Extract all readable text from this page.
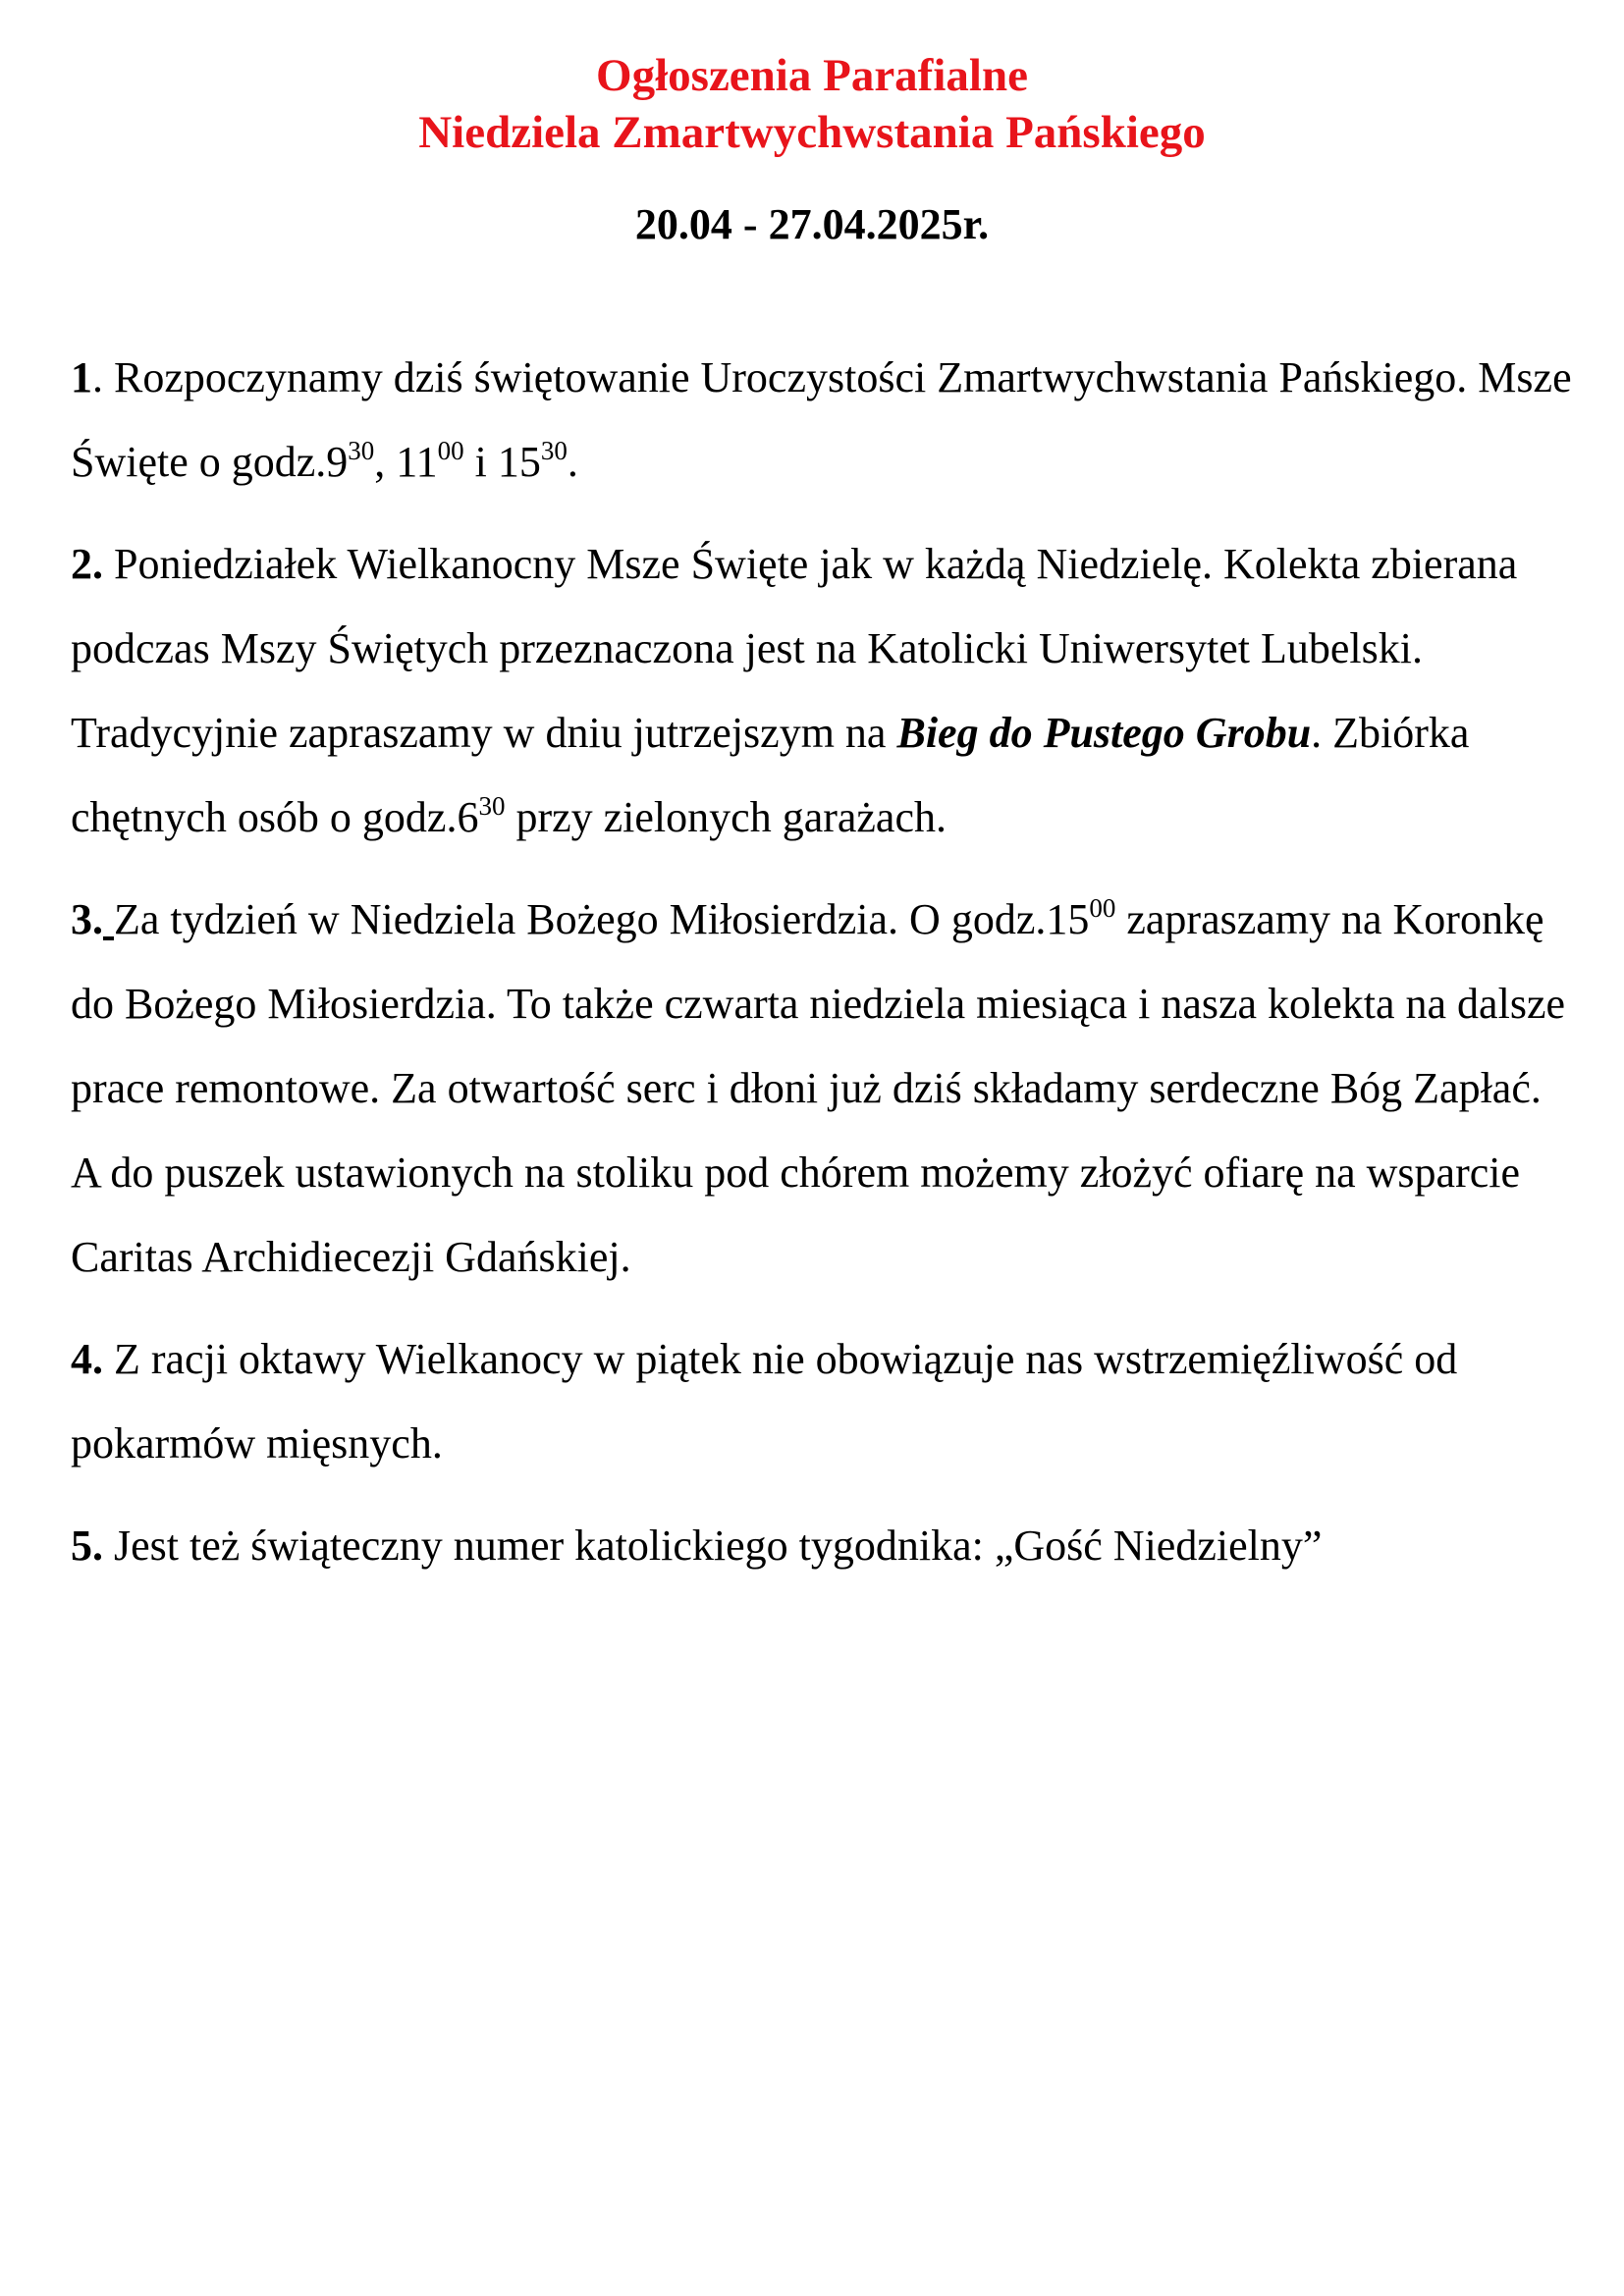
Ogłoszenia Parafialne
Niedziela Zmartwychwstania Pańskiego
20.04 - 27.04.2025r.

1. Rozpoczynamy dziś świętowanie Uroczystości Zmartwychwstania Pańskiego. Msze Święte o $godz.9^{30}$, $11^{00}$ i $15^{30}$.

2. Poniedziałek Wielkanocny Msze Święte jak w każdą Niedzielę. Kolekta zbierana podczas Mszy Świętych przeznaczona jest na Katolicki Uniwersytet Lubelski. Tradycyjnie zapraszamy w dniu jutrzejszym na Bieg do Pustego Grobu. Zbiórka chętnych osób o $godz.6^{30}$ przy zielonych garażach.

3. Za tydzień w Niedziela Bożego Miłosierdzia. O $godz.15^{00}$ zapraszamy na Koronkę do Bożego Miłosierdzia. To także czwarta niedziela miesiąca i nasza kolekta na dalsze prace remontowe. Za otwartość serc i dłoni już dziś składamy serdeczne Bóg Zapłać. A do puszek ustawionych na stoliku pod chórem możemy złożyć ofiarę na wsparcie Caritas Archidiecezji Gdańskiej.

4. Z racji oktawy Wielkanocy w piątek nie obowiązuje nas wstrzemięźliwość od pokarmów mięsnych.

5. Jest też świąteczny numer katolickiego tygodnika: „Gość Niedzielny”
